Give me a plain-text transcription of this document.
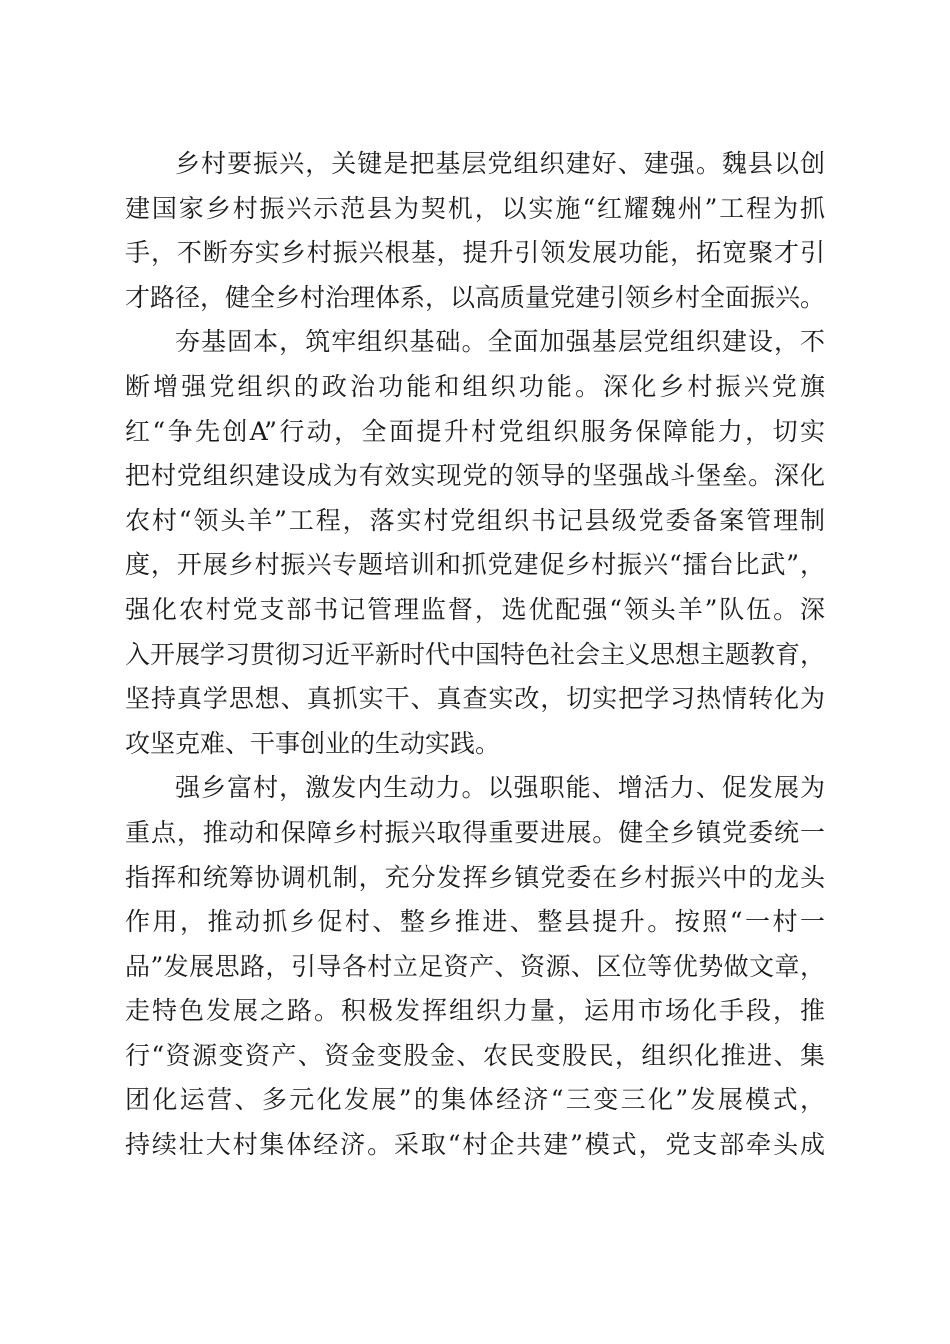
乡村要振兴，关键是把基层党组织建好、建强。魏县以创
建国家乡村振兴示范县为契机，以实施“红耀魏州”工程为抓
手，不断夯实乡村振兴根基，提升引领发展功能，拓宽聚才引
才路径，健全乡村治理体系，以高质量党建引领乡村全面振兴。
夯基固本，筑牢组织基础。全面加强基层党组织建设，不
断增强党组织的政治功能和组织功能。深化乡村振兴党旗
红“争先创A”行动，全面提升村党组织服务保障能力，切实
把村党组织建设成为有效实现党的领导的坚强战斗堡垒。深化
农村“领头羊”工程，落实村党组织书记县级党委备案管理制
度，开展乡村振兴专题培训和抓党建促乡村振兴“擂台比武”，
强化农村党支部书记管理监督，选优配强“领头羊”队伍。深
入开展学习贯彻习近平新时代中国特色社会主义思想主题教育，
坚持真学思想、真抓实干、真查实改，切实把学习热情转化为
攻坚克难、干事创业的生动实践。
强乡富村，激发内生动力。以强职能、增活力、促发展为
重点，推动和保障乡村振兴取得重要进展。健全乡镇党委统一
指挥和统筹协调机制，充分发挥乡镇党委在乡村振兴中的龙头
作用，推动抓乡促村、整乡推进、整县提升。按照“一村一
品”发展思路，引导各村立足资产、资源、区位等优势做文章，
走特色发展之路。积极发挥组织力量，运用市场化手段，推
行“资源变资产、资金变股金、农民变股民，组织化推进、集
团化运营、多元化发展”的集体经济“三变三化”发展模式，
持续壮大村集体经济。采取“村企共建”模式，党支部牵头成
